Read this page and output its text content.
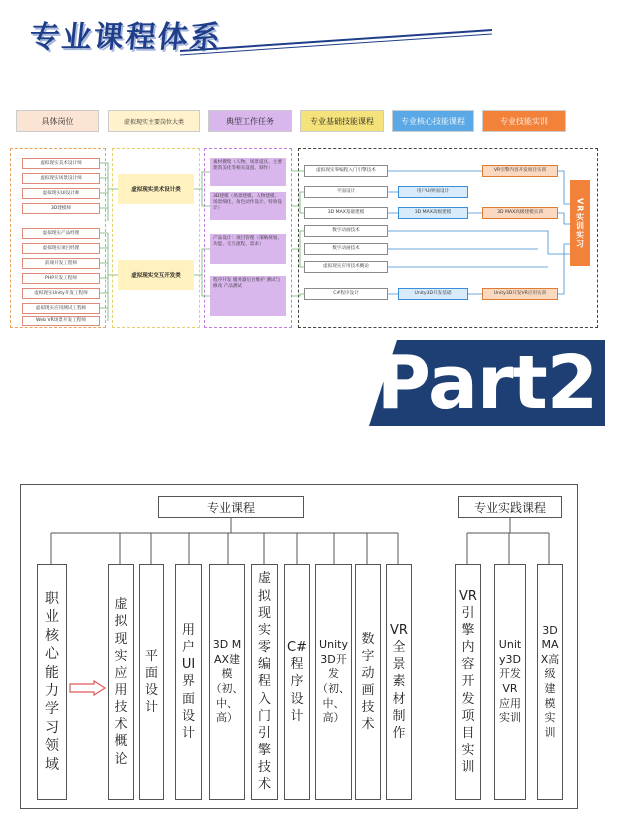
专业课程体系
具体岗位	虚拟现实主要岗位大类	典型工作任务	专业基础技能课程	专业核心技能课程	专业技能实训
虚拟现实美术设计师
虚拟现实场景设计师
虚拟现实UI设计师
3D建模师
虚拟现实产品经理
虚拟现实项目经理
前端开发工程师
PHP开发工程师
虚拟现实Unity开发工程师
虚拟现实应用测试工程师
Web VR场景开发工程师
虚拟现实美术设计类
虚拟现实交互开发类
素材搜集（人物、场景道具、主要建筑美化等相关设置、制作）
3D建模（场景建模、人物建模、场景细化、角色动作设计、特效设计）
产品设计：项目管理（策略规划、功能、交互流程、需求）
程序开发 服务器后台维护 测试与修改 产品测试
虚拟现实零编程入门引擎技术
平面设计
3D MAX基础建模
数字动画技术
数字动画技术
虚拟现实应用技术概论
C#程序设计
用户UI界面设计
3D MAX高级建模
Unity3D开发基础
VR引擎内容开发项目实训
3D MAX高级建模实训
Unity3D开发VR应用实训
VR实训实习
Part2
专业课程	专业实践课程
职业核心能力学习领域
虚拟现实应用技术概论
平面设计
用户UI界面设计
3D MAX建模（初、中、高）
虚拟现实零编程入门引擎技术
C#程序设计
Unity3D开发（初、中、高）
数字动画技术
VR全景素材制作
VR引擎内容开发项目实训
Unity3D开发VR应用实训
3D MAX高级建模实训
